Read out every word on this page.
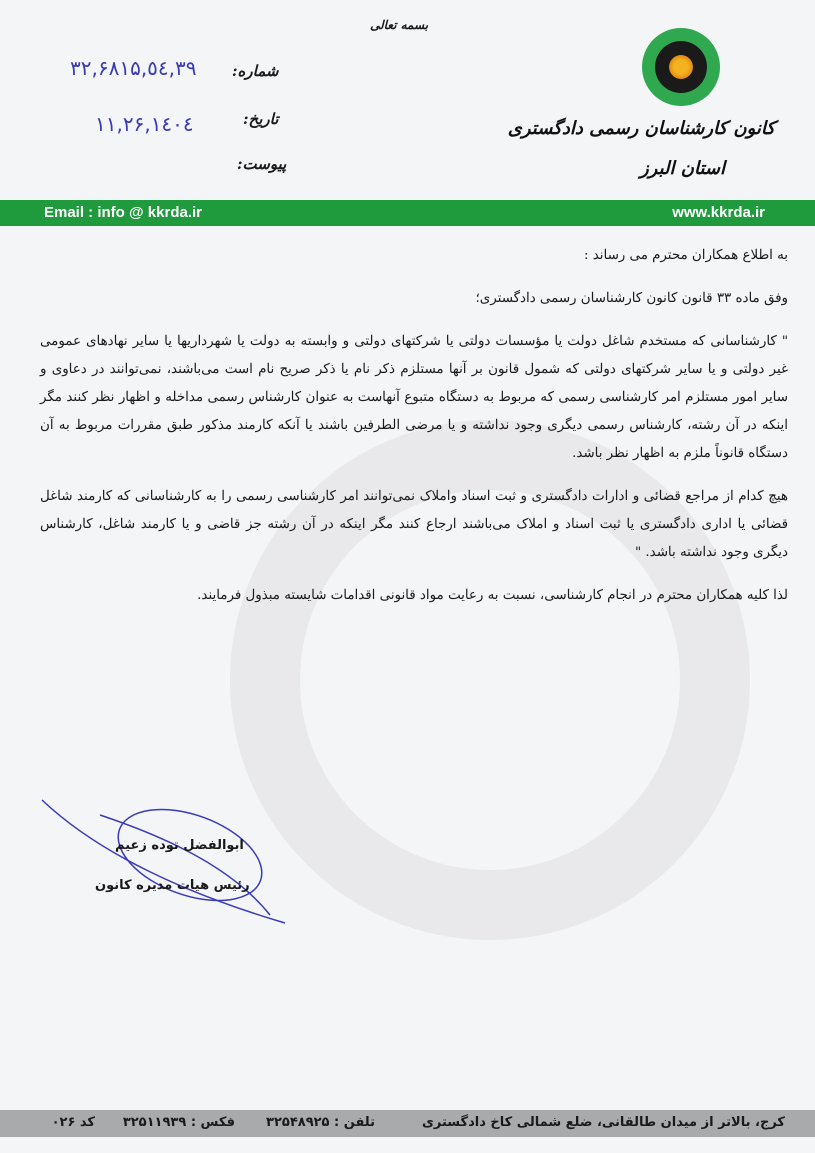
کانون کارشناسان رسمی دادگستری
استان البرز
بسمه تعالی
شماره:
۳۹,٥٤,۳۲,۶۸۱۵
تاریخ:
۱٤۰٤,۱۱,۲۶
پیوست:
Email : info @ kkrda.ir	www.kkrda.ir

به اطلاع همکاران محترم می رساند :

وفق ماده ۳۳ قانون کانون کارشناسان رسمی دادگستری؛

" کارشناسانی که مستخدم شاغل دولت یا مؤسسات دولتی یا شرکتهای دولتی و وابسته به دولت یا شهرداریها یا سایر نهادهای عمومی غیر دولتی و یا سایر شرکتهای دولتی که شمول قانون بر آنها مستلزم ذکر نام یا ذکر صریح نام است می‌باشند، نمی‌توانند در دعاوی و سایر امور مستلزم امر کارشناسی رسمی که مربوط به دستگاه متبوع آنهاست به عنوان کارشناس رسمی مداخله و اظهار نظر کنند مگر اینکه در آن رشته، کارشناس رسمی دیگری وجود نداشته و یا مرضی الطرفین باشند یا آنکه کارمند مذکور طبق مقررات مربوط به آن دستگاه قانوناً ملزم به اظهار نظر باشد.

هیچ کدام از مراجع قضائی و ادارات دادگستری و ثبت اسناد واملاک نمی‌توانند امر کارشناسی رسمی را به کارشناسانی که کارمند شاغل قضائی یا اداری دادگستری یا ثبت اسناد و املاک می‌باشند ارجاع کنند مگر اینکه در آن رشته جز قاضی و یا کارمند شاغل، کارشناس دیگری وجود نداشته باشد. "

لذا کلیه همکاران محترم در انجام کارشناسی، نسبت به رعایت مواد قانونی اقدامات شایسته مبذول فرمایند.

ابوالفضل توده زعیم
رئیس هیات مدیره کانون
کرج، بالاتر از میدان طالقانی، ضلع شمالی کاخ دادگستری
تلفن : ۳۲۵۴۸۹۲۵
فکس : ۳۲۵۱۱۹۳۹
کد ۰۲۶
